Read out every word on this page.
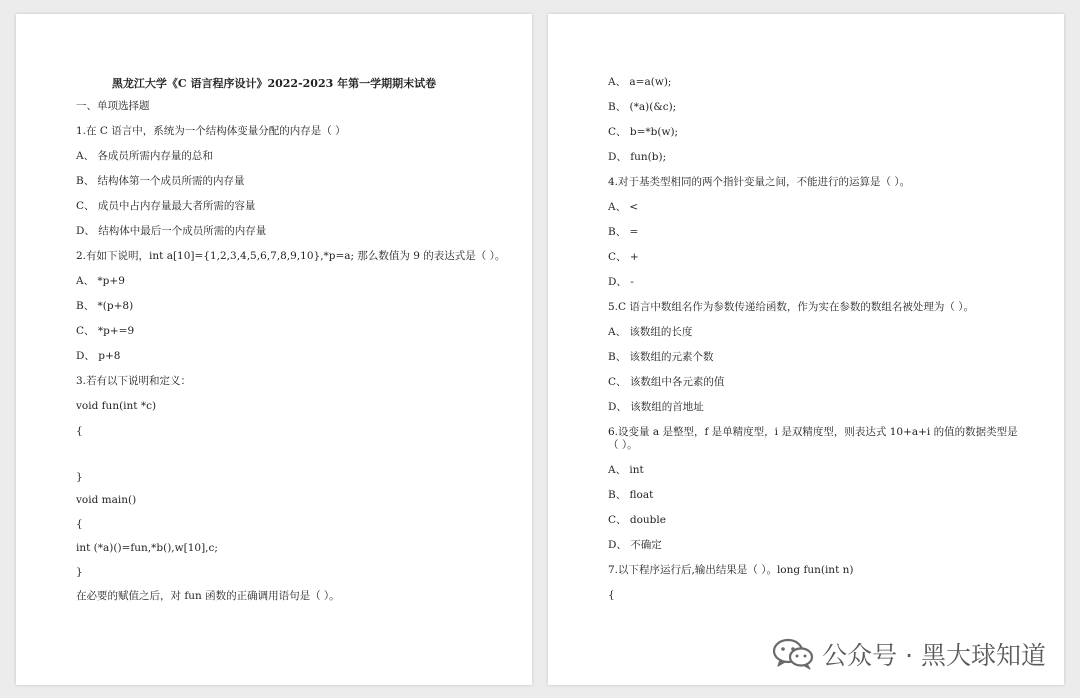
黑龙江大学《C 语言程序设计》2022-2023 年第一学期期末试卷
一、单项选择题
1.在 C 语言中，系统为一个结构体变量分配的内存是（ ）
A、 各成员所需内存量的总和
B、 结构体第一个成员所需的内存量
C、 成员中占内存量最大者所需的容量
D、 结构体中最后一个成员所需的内存量
2.有如下说明，int a[10]={1,2,3,4,5,6,7,8,9,10},*p=a; 那么数值为 9 的表达式是（ ）。
A、 *p+9
B、 *(p+8)
C、 *p+=9
D、 p+8
3.若有以下说明和定义：
void fun(int *c)
{
}
void main()
{
int (*a)()=fun,*b(),w[10],c;
}
在必要的赋值之后，对 fun 函数的正确调用语句是（ ）。
A、 a=a(w);
B、 (*a)(&c);
C、 b=*b(w);
D、 fun(b);
4.对于基类型相同的两个指针变量之间，不能进行的运算是（ ）。
A、 <
B、 =
C、 +
D、 -
5.C 语言中数组名作为参数传递给函数，作为实在参数的数组名被处理为（ ）。
A、 该数组的长度
B、 该数组的元素个数
C、 该数组中各元素的值
D、 该数组的首地址
6.设变量 a 是整型，f 是单精度型，i 是双精度型，则表达式 10+a+i 的值的数据类型是
（ ）。
A、 int
B、 float
C、 double
D、 不确定
7.以下程序运行后,输出结果是（ ）。long fun(int n)
{
公众号 · 黑大球知道
